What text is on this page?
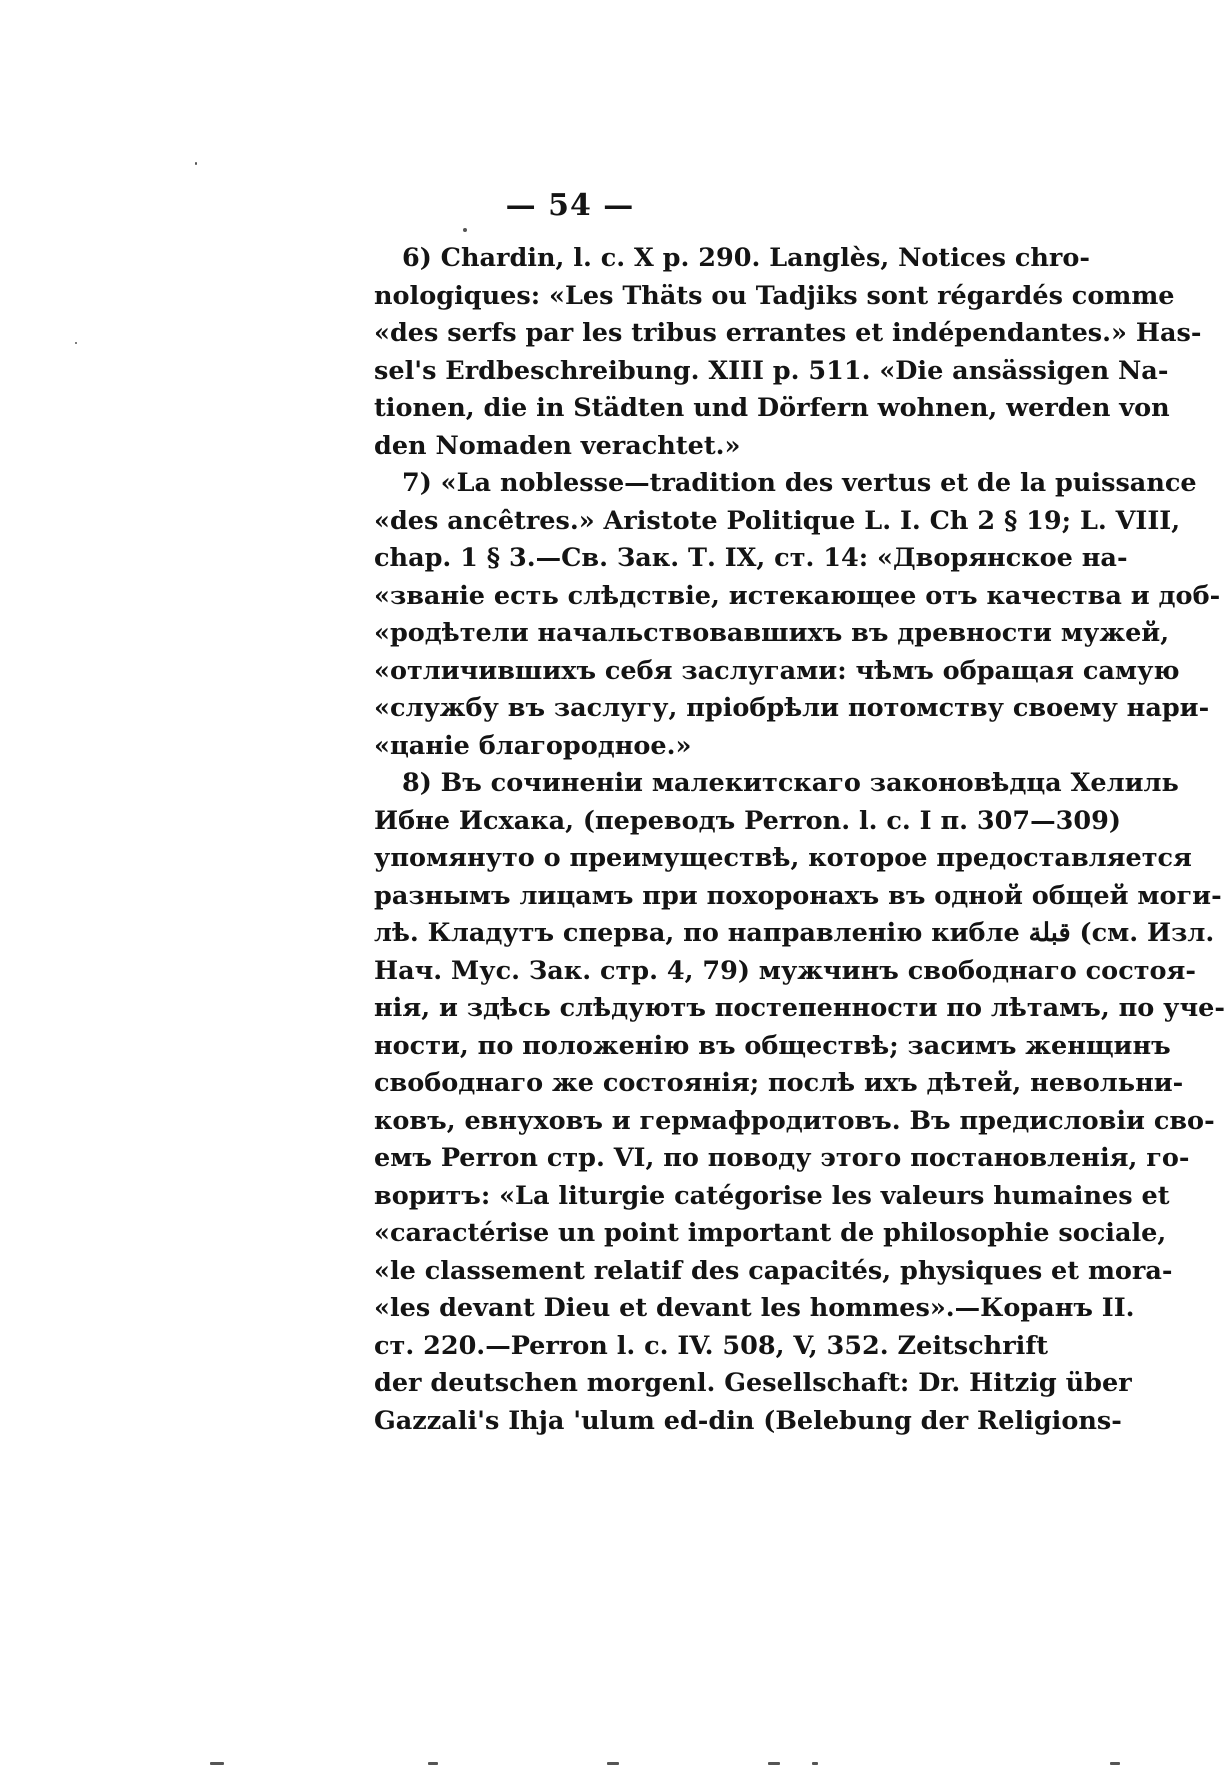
— 54 —
6) Chardin, l. c. X p. 290. Langlès, Notices chro-
nologiques: «Les Thäts ou Tadjiks sont régardés comme
«des serfs par les tribus errantes et indépendantes.» Has-
sel's Erdbeschreibung. XIII p. 511. «Die ansässigen Na-
tionen, die in Städten und Dörfern wohnen, werden von
den Nomaden verachtet.»
7) «La noblesse—tradition des vertus et de la puissance
«des ancêtres.» Aristote Politique L. I. Ch 2 § 19; L. VIII,
chap. 1 § 3.—Св. Зак. Т. IX, ст. 14: «Дворянское на-
«званіе есть слѣдствіе, истекающее отъ качества и доб-
«родѣтели начальствовавшихъ въ древности мужей,
«отличившихъ себя заслугами: чѣмъ обращая самую
«службу въ заслугу, пріобрѣли потомству своему нари-
«цаніе благородное.»
8) Въ сочиненіи малекитскаго законовѣдца Хелиль
Ибне Исхака, (переводъ Perron. l. c. I п. 307—309)
упомянуто о преимуществѣ, которое предоставляется
разнымъ лицамъ при похоронахъ въ одной общей моги-
лѣ. Кладутъ сперва, по направленію кибле قبلة (см. Изл.
Нач. Мус. Зак. стр. 4, 79) мужчинъ свободнаго состоя-
нія, и здѣсь слѣдуютъ постепенности по лѣтамъ, по уче-
ности, по положенію въ обществѣ; засимъ женщинъ
свободнаго же состоянія; послѣ ихъ дѣтей, невольни-
ковъ, евнуховъ и гермафродитовъ. Въ предисловіи сво-
емъ Perron стр. VI, по поводу этого постановленія, го-
воритъ: «La liturgie catégorise les valeurs humaines et
«caractérise un point important de philosophie sociale,
«le classement relatif des capacités, physiques et mora-
«les devant Dieu et devant les hommes».—Коранъ II.
ст. 220.—Perron l. c. IV. 508, V, 352. Zeitschrift
der deutschen morgenl. Gesellschaft: Dr. Hitzig über
Gazzali's Ihja 'ulum ed-din (Belebung der Religions-
